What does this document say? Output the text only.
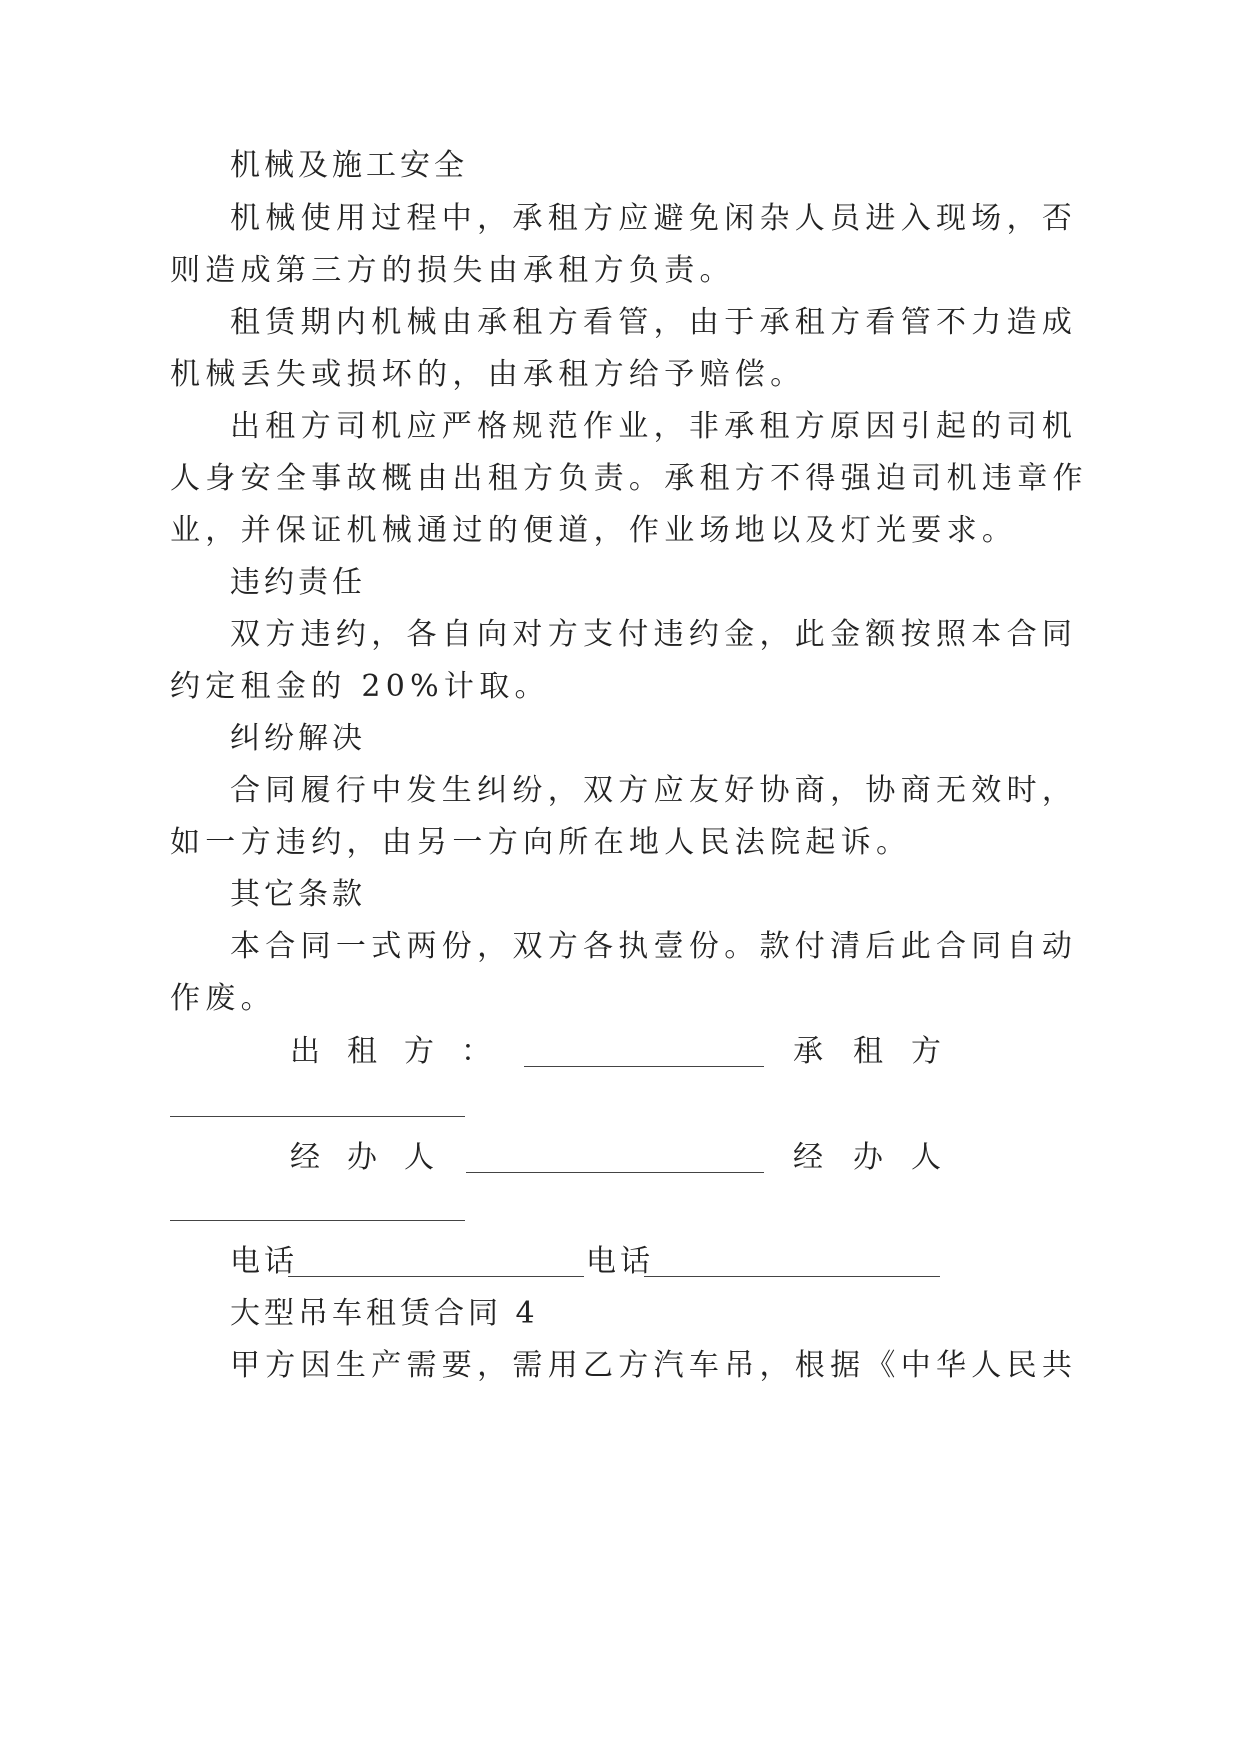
机械及施工安全
机械使用过程中，承租方应避免闲杂人员进入现场，否
则造成第三方的损失由承租方负责。
租赁期内机械由承租方看管，由于承租方看管不力造成
机械丢失或损坏的，由承租方给予赔偿。
出租方司机应严格规范作业，非承租方原因引起的司机
人身安全事故概由出租方负责。承租方不得强迫司机违章作
业，并保证机械通过的便道，作业场地以及灯光要求。
违约责任
双方违约，各自向对方支付违约金，此金额按照本合同
约定租金的 20%计取。
纠纷解决
合同履行中发生纠纷，双方应友好协商，协商无效时，
如一方违约，由另一方向所在地人民法院起诉。
其它条款
本合同一式两份，双方各执壹份。款付清后此合同自动
作废。
出 租 方 ：	承 租 方
经 办 人	经 办 人
电话	电话
大型吊车租赁合同 4
甲方因生产需要，需用乙方汽车吊，根据《中华人民共
